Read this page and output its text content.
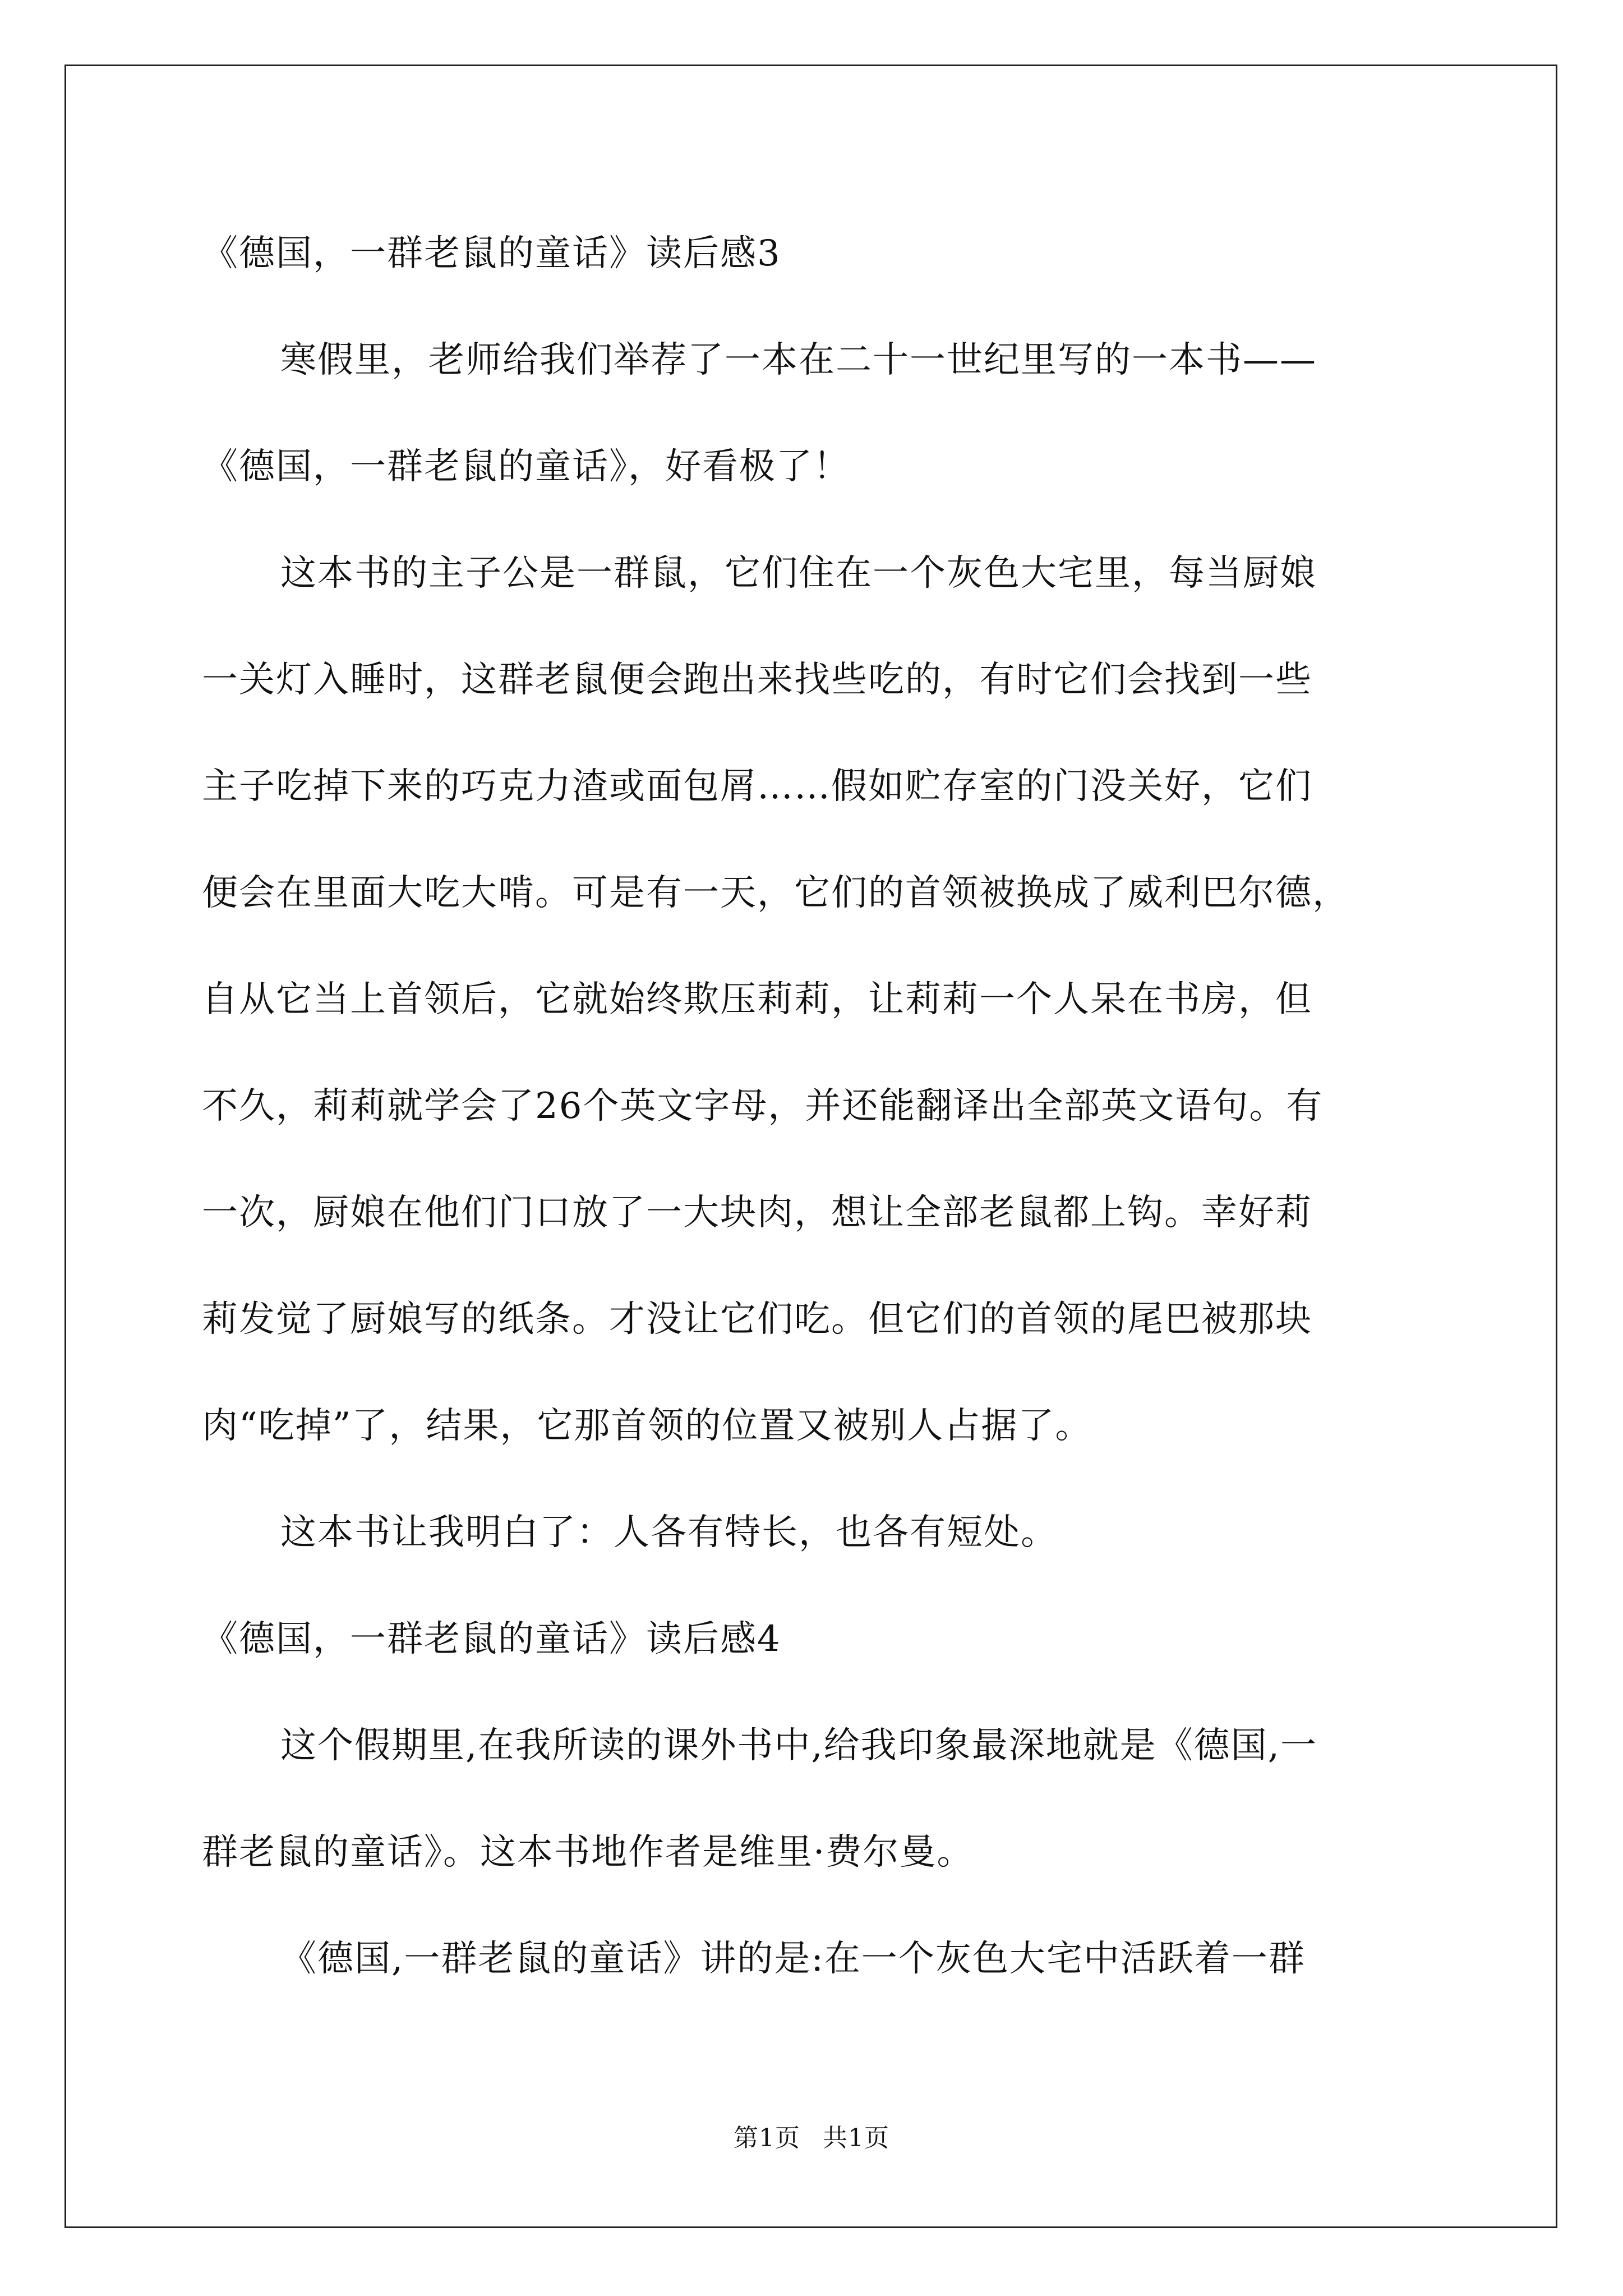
《德国，一群老鼠的童话》读后感3
寒假里，老师给我们举荐了一本在二十一世纪里写的一本书——
《德国，一群老鼠的童话》，好看极了！
这本书的主子公是一群鼠，它们住在一个灰色大宅里，每当厨娘
一关灯入睡时，这群老鼠便会跑出来找些吃的，有时它们会找到一些
主子吃掉下来的巧克力渣或面包屑……假如贮存室的门没关好，它们
便会在里面大吃大啃。可是有一天，它们的首领被换成了威利巴尔德，
自从它当上首领后，它就始终欺压莉莉，让莉莉一个人呆在书房，但
不久，莉莉就学会了26个英文字母，并还能翻译出全部英文语句。有
一次，厨娘在他们门口放了一大块肉，想让全部老鼠都上钩。幸好莉
莉发觉了厨娘写的纸条。才没让它们吃。但它们的首领的尾巴被那块
肉“吃掉”了，结果，它那首领的位置又被别人占据了。
这本书让我明白了：人各有特长，也各有短处。
《德国，一群老鼠的童话》读后感4
这个假期里,在我所读的课外书中,给我印象最深地就是《德国,一
群老鼠的童话》。这本书地作者是维里·费尔曼。
《德国,一群老鼠的童话》讲的是:在一个灰色大宅中活跃着一群
第1页 共1页
